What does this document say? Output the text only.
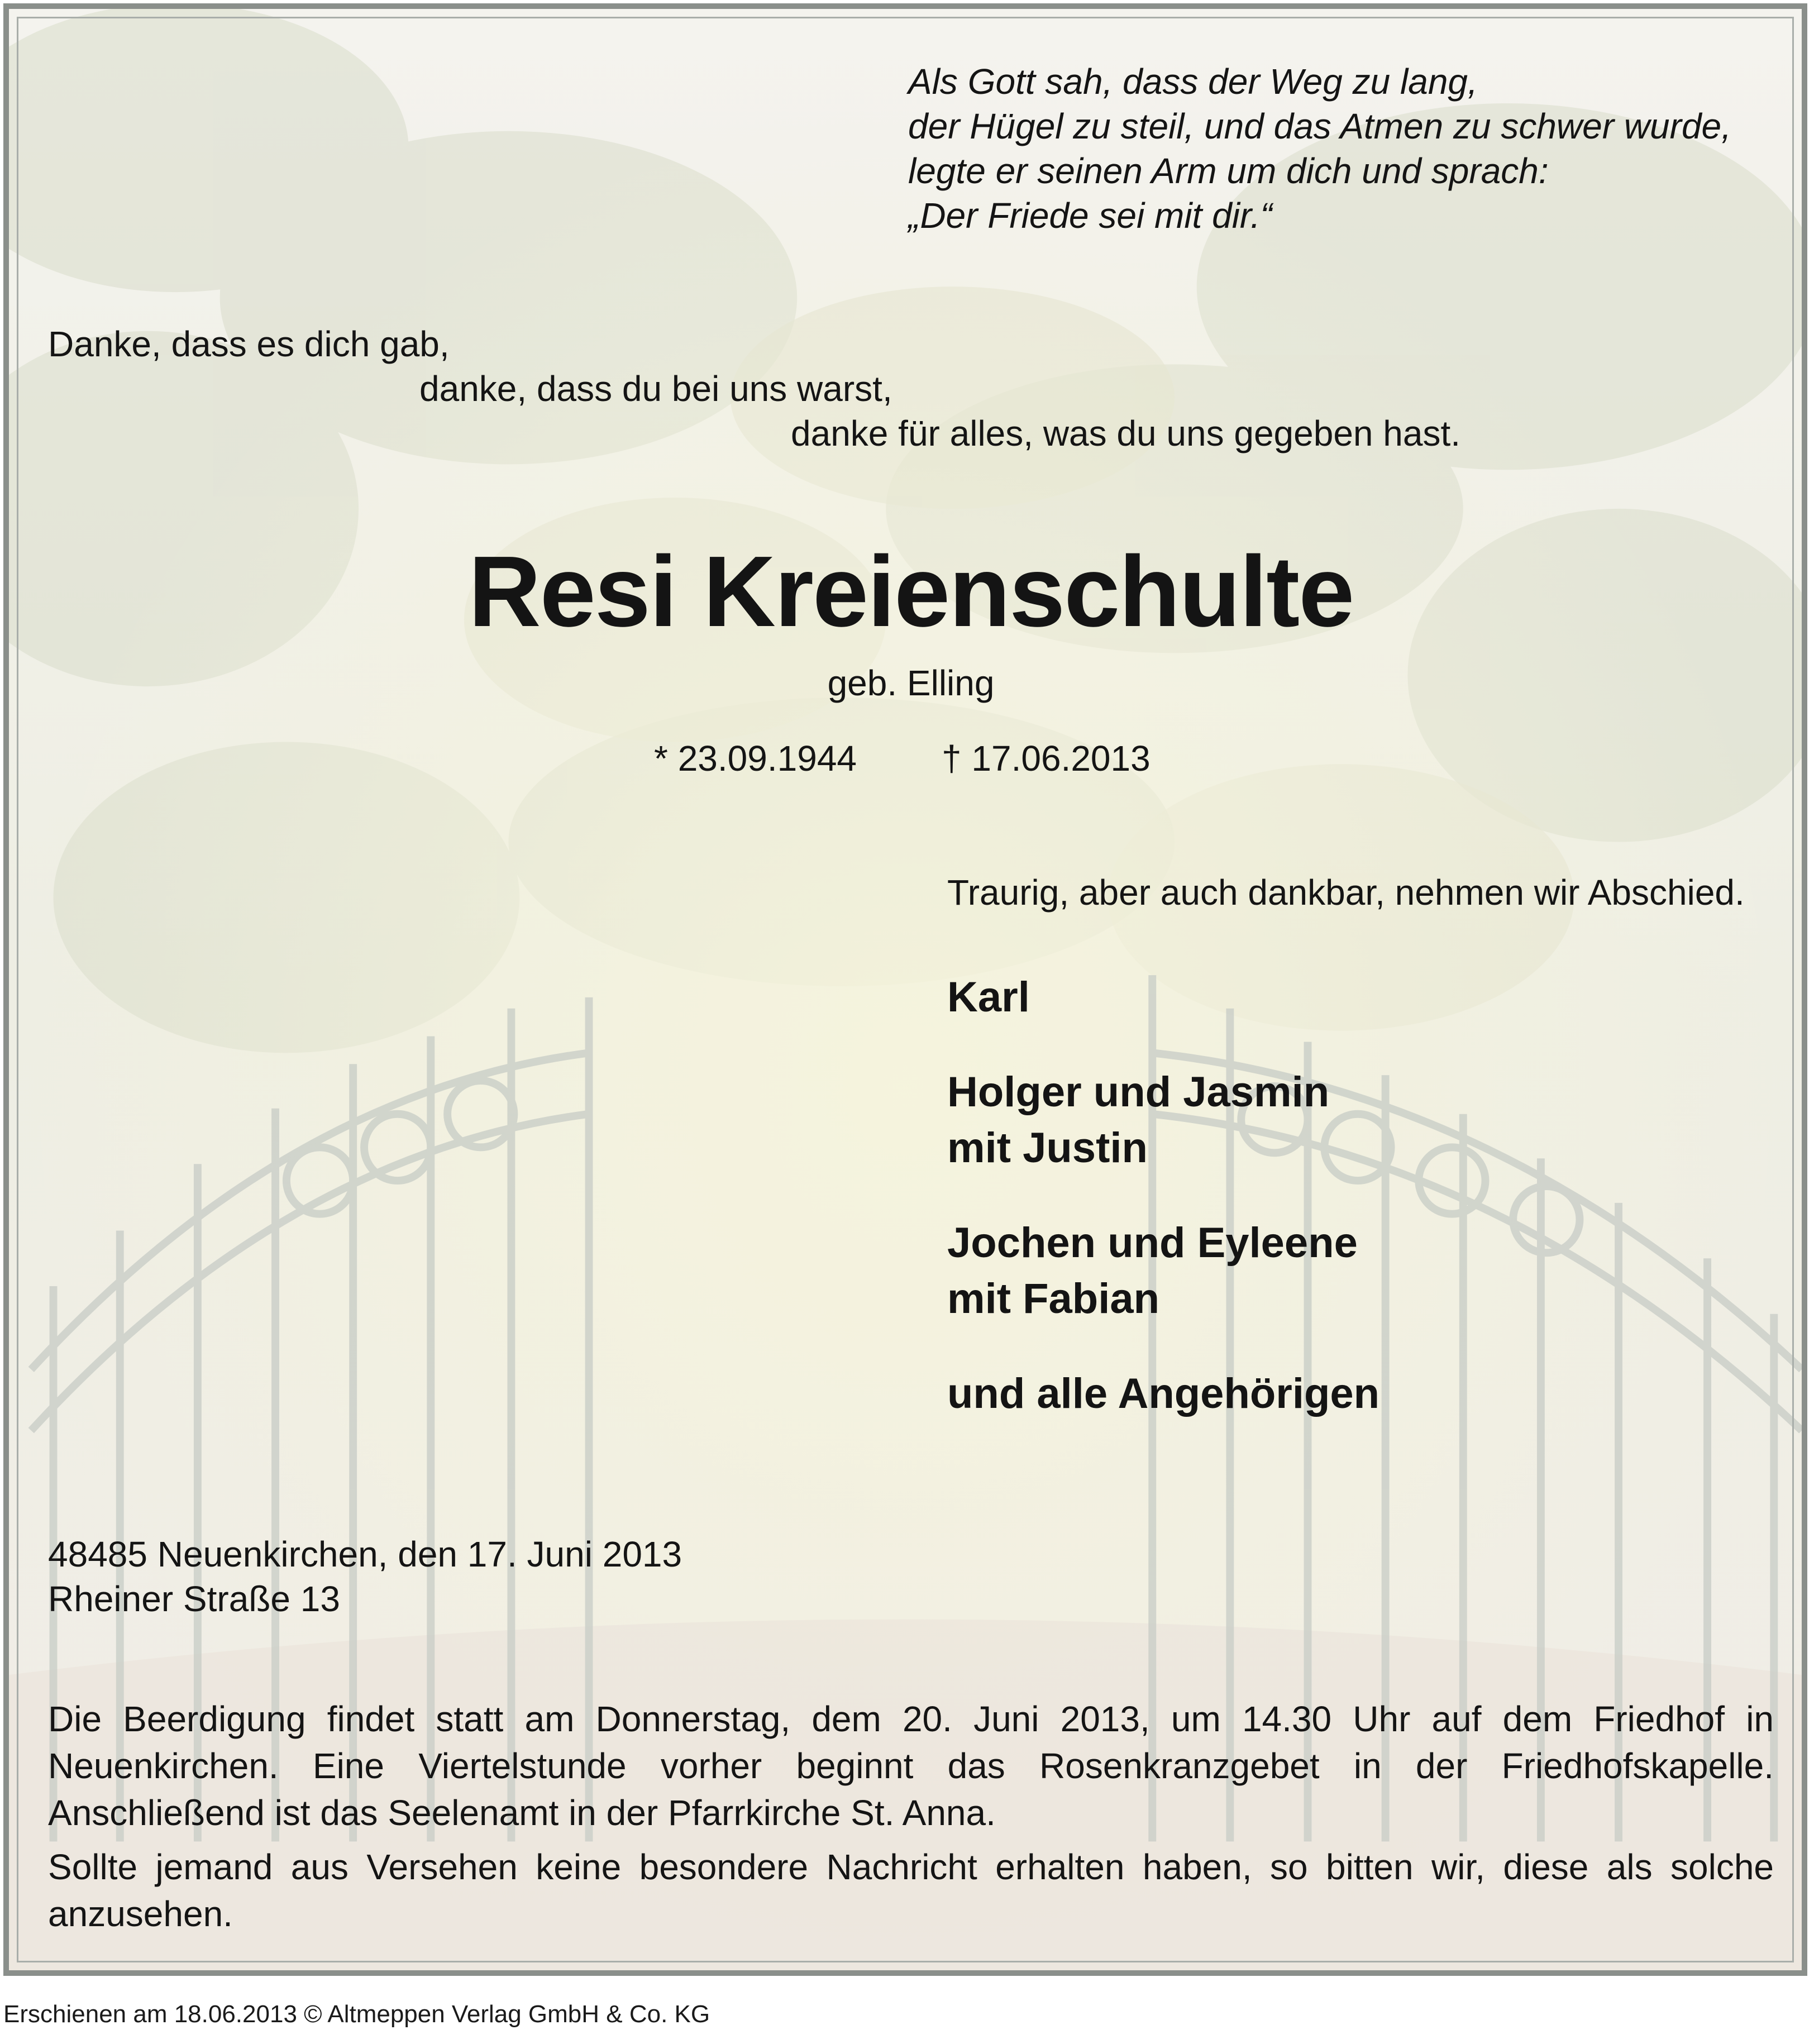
Als Gott sah, dass der Weg zu lang,
der Hügel zu steil, und das Atmen zu schwer wurde,
legte er seinen Arm um dich und sprach:
„Der Friede sei mit dir.“
Danke, dass es dich gab,
danke, dass du bei uns warst,
danke für alles, was du uns gegeben hast.
Resi Kreienschulte
geb. Elling
* 23.09.1944 † 17.06.2013
Traurig, aber auch dankbar, nehmen wir Abschied.
Karl
Holger und Jasmin
mit Justin
Jochen und Eyleene
mit Fabian
und alle Angehörigen
48485 Neuenkirchen, den 17. Juni 2013
Rheiner Straße 13
Die Beerdigung findet statt am Donnerstag, dem 20. Juni 2013, um 14.30 Uhr auf dem Friedhof in Neuenkirchen. Eine Viertelstunde vorher beginnt das Rosenkranzgebet in der Friedhofskapelle. Anschließend ist das Seelenamt in der Pfarrkirche St. Anna.
Sollte jemand aus Versehen keine besondere Nachricht erhalten haben, so bitten wir, diese als solche anzusehen.
Erschienen am 18.06.2013 © Altmeppen Verlag GmbH & Co. KG
